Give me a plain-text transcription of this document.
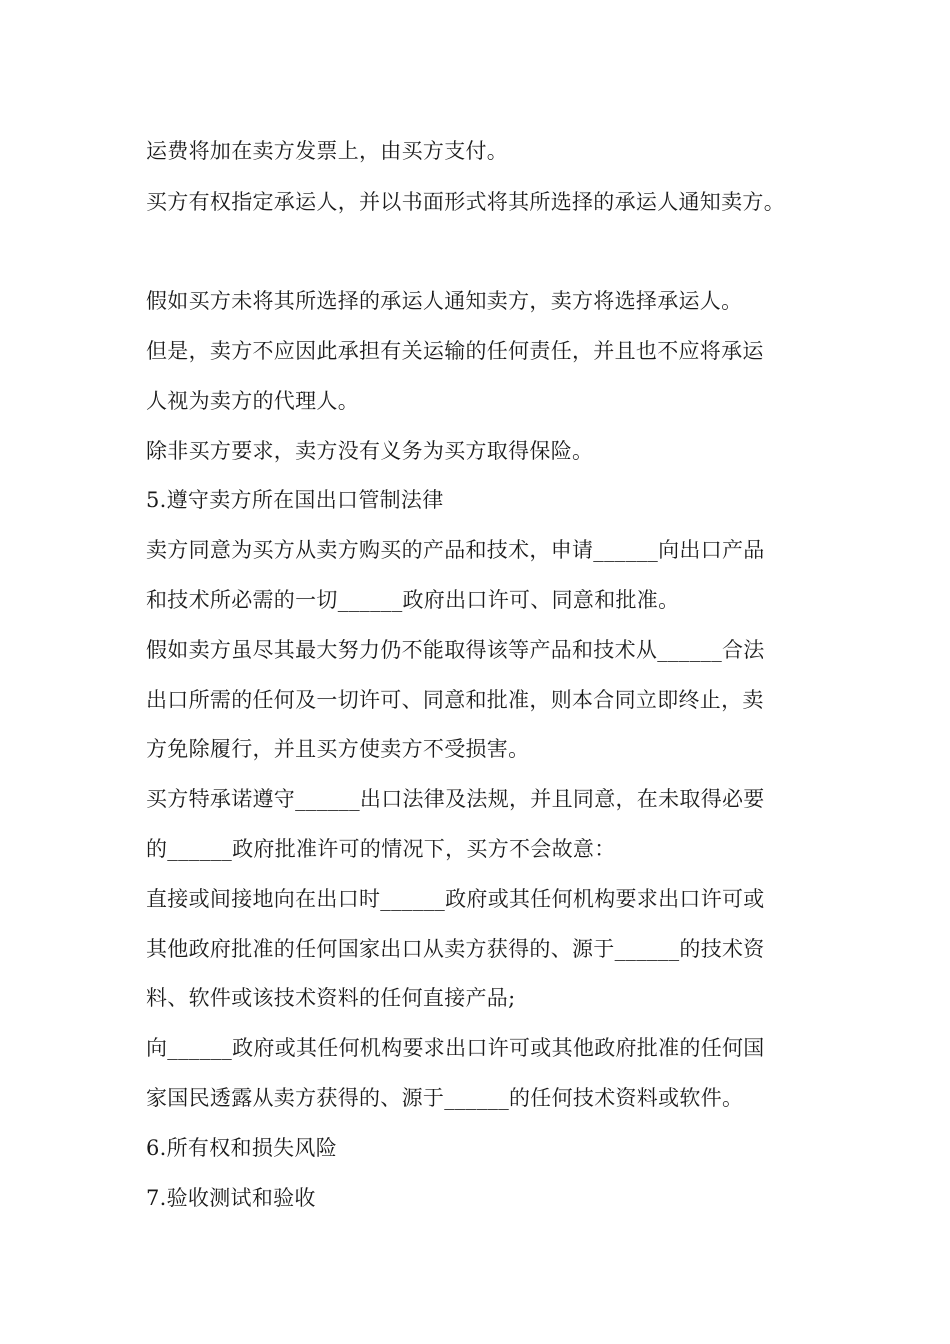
运费将加在卖方发票上，由买方支付。
买方有权指定承运人，并以书面形式将其所选择的承运人通知卖方。
假如买方未将其所选择的承运人通知卖方，卖方将选择承运人。
但是，卖方不应因此承担有关运输的任何责任，并且也不应将承运
人视为卖方的代理人。
除非买方要求，卖方没有义务为买方取得保险。
5.遵守卖方所在国出口管制法律
卖方同意为买方从卖方购买的产品和技术，申请______向出口产品
和技术所必需的一切______政府出口许可、同意和批准。
假如卖方虽尽其最大努力仍不能取得该等产品和技术从______合法
出口所需的任何及一切许可、同意和批准，则本合同立即终止，卖
方免除履行，并且买方使卖方不受损害。
买方特承诺遵守______出口法律及法规，并且同意，在未取得必要
的______政府批准许可的情况下，买方不会故意：
直接或间接地向在出口时______政府或其任何机构要求出口许可或
其他政府批准的任何国家出口从卖方获得的、源于______的技术资
料、软件或该技术资料的任何直接产品;
向______政府或其任何机构要求出口许可或其他政府批准的任何国
家国民透露从卖方获得的、源于______的任何技术资料或软件。
6.所有权和损失风险
7.验收测试和验收
